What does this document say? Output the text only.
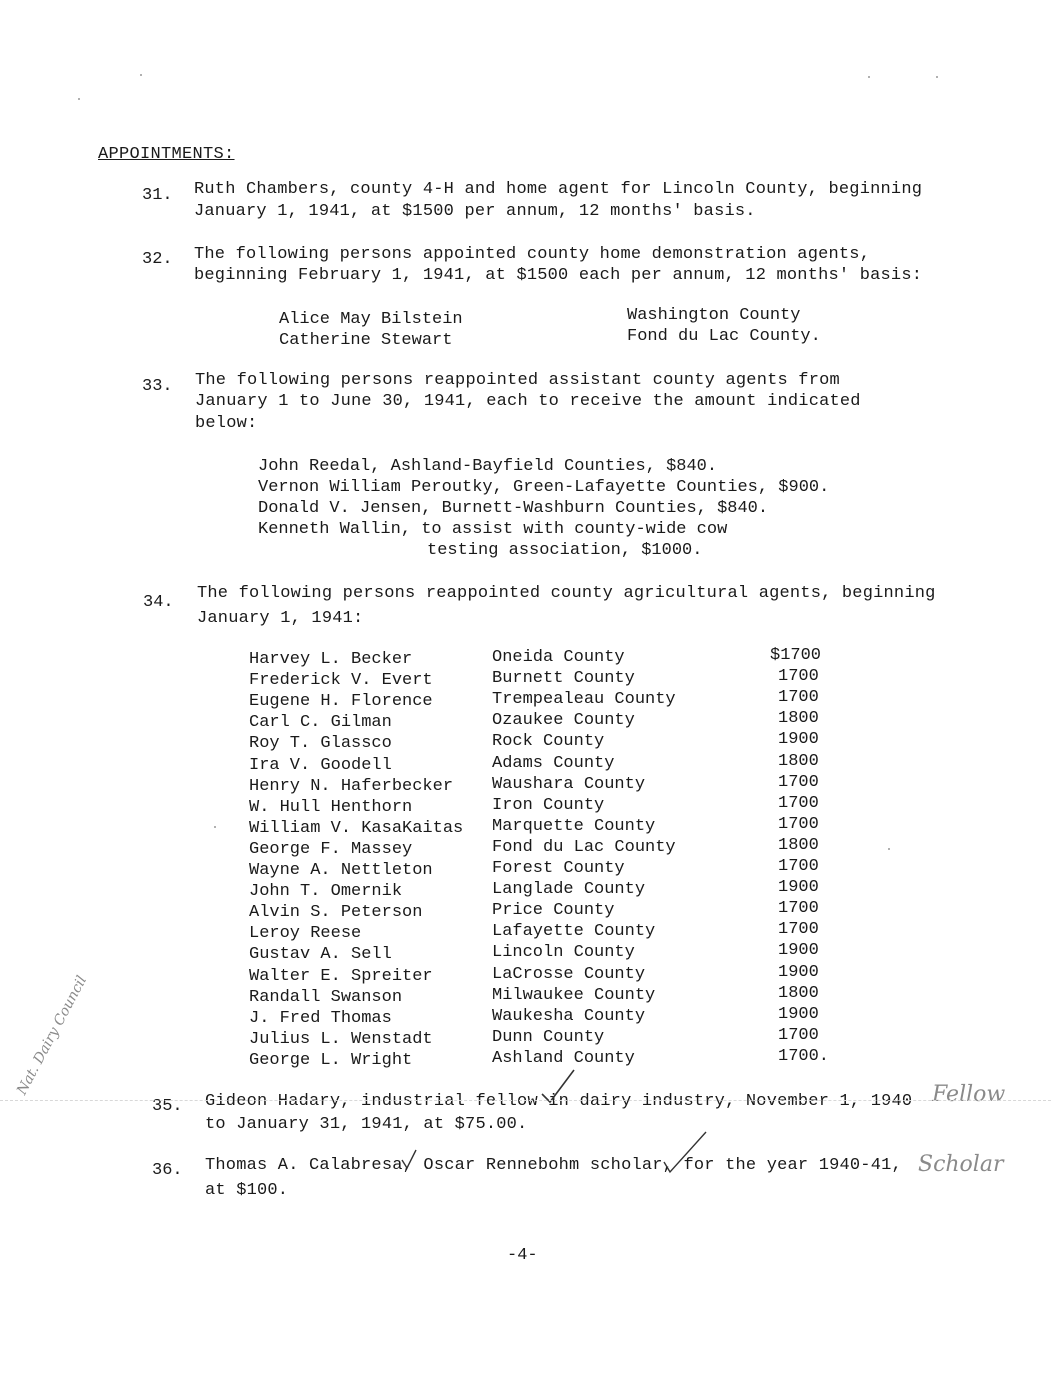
APPOINTMENTS:
31. Ruth Chambers, county 4-H and home agent for Lincoln County, beginning
January 1, 1941, at $1500 per annum, 12 months' basis.
32. The following persons appointed county home demonstration agents,
beginning February 1, 1941, at $1500 each per annum, 12 months' basis:
Alice May Bilstein	Washington County
Catherine Stewart	Fond du Lac County.
33. The following persons reappointed assistant county agents from
January 1 to June 30, 1941, each to receive the amount indicated
below:
John Reedal, Ashland-Bayfield Counties, $840.
Vernon William Peroutky, Green-Lafayette Counties, $900.
Donald V. Jensen, Burnett-Washburn Counties, $840.
Kenneth Wallin, to assist with county-wide cow
testing association, $1000.
34. The following persons reappointed county agricultural agents, beginning
January 1, 1941:
Harvey L. Becker	Oneida County	$1700
Frederick V. Evert	Burnett County	1700
Eugene H. Florence	Trempealeau County	1700
Carl C. Gilman	Ozaukee County	1800
Roy T. Glassco	Rock County	1900
Ira V. Goodell	Adams County	1800
Henry N. Haferbecker Waushara County	1700
W. Hull Henthorn	Iron County	1700
William V. KasaKaitas Marquette County	1700
George F. Massey	Fond du Lac County	1800
Wayne A. Nettleton	Forest County	1700
John T. Omernik	Langlade County	1900
Alvin S. Peterson	Price County	1700
Leroy Reese	Lafayette County	1700
Gustav A. Sell	Lincoln County	1900
Walter E. Spreiter	LaCrosse County	1900
Randall Swanson	Milwaukee County	1800
J. Fred Thomas	Waukesha County	1900
Julius L. Wenstadt	Dunn County	1700
George L. Wright	Ashland County	1700.
35. Gideon Hadary, industrial fellow in dairy industry, November 1, 1940
to January 31, 1941, at $75.00.
36. Thomas A. Calabresa, Oscar Rennebohm scholar, for the year 1940-41,
at $100.
Nat. Dairy Council	Fellow
Scholar
-4-
